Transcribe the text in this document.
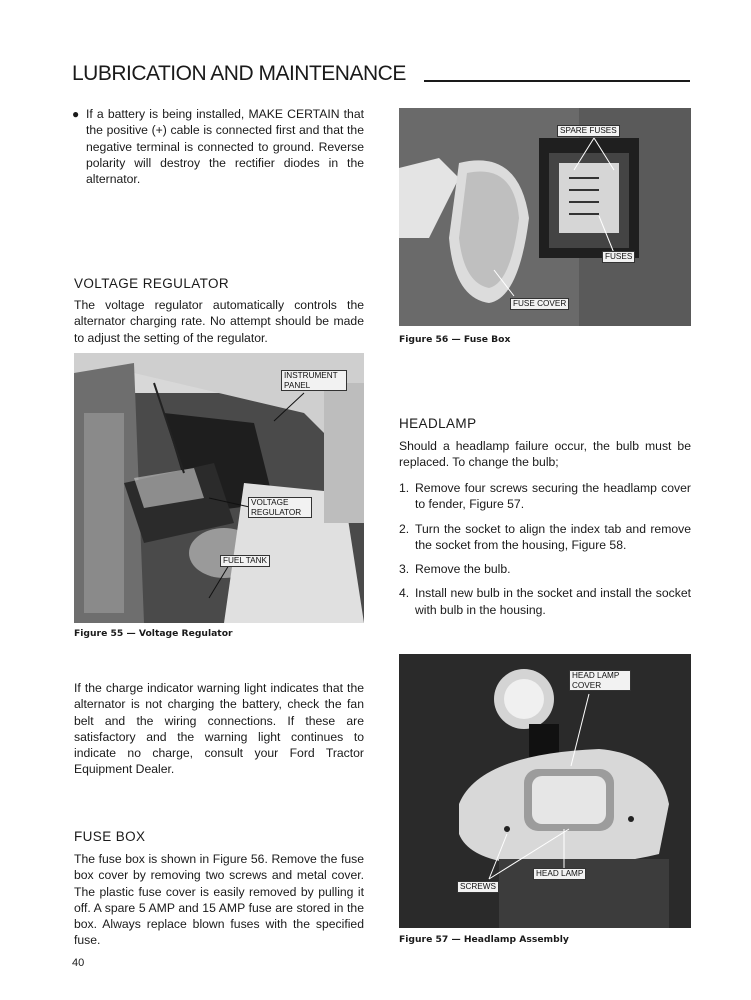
LUBRICATION AND MAINTENANCE
● If a battery is being installed, MAKE CERTAIN that the positive (+) cable is connected first and that the negative terminal is connected to ground. Reverse polarity will destroy the rectifier diodes in the alternator.
VOLTAGE REGULATOR
The voltage regulator automatically controls the alternator charging rate. No attempt should be made to adjust the setting of the regulator.
INSTRUMENT PANEL
VOLTAGE REGULATOR
FUEL TANK
Figure 55 — Voltage Regulator
If the charge indicator warning light indicates that the alternator is not charging the battery, check the fan belt and the wiring connections. If these are satisfactory and the warning light continues to indicate no charge, consult your Ford Tractor Equipment Dealer.
FUSE BOX
The fuse box is shown in Figure 56. Remove the fuse box cover by removing two screws and metal cover. The plastic fuse cover is easily removed by pulling it off. A spare 5 AMP and 15 AMP fuse are stored in the box. Always replace blown fuses with the specified fuse.
SPARE FUSES
FUSES
FUSE COVER
Figure 56 — Fuse Box
HEADLAMP
Should a headlamp failure occur, the bulb must be replaced. To change the bulb;
1. Remove four screws securing the headlamp cover to fender, Figure 57.
2. Turn the socket to align the index tab and remove the socket from the housing, Figure 58.
3. Remove the bulb.
4. Install new bulb in the socket and install the socket with bulb in the housing.
HEAD LAMP COVER
SCREWS
HEAD LAMP
Figure 57 — Headlamp Assembly
40
